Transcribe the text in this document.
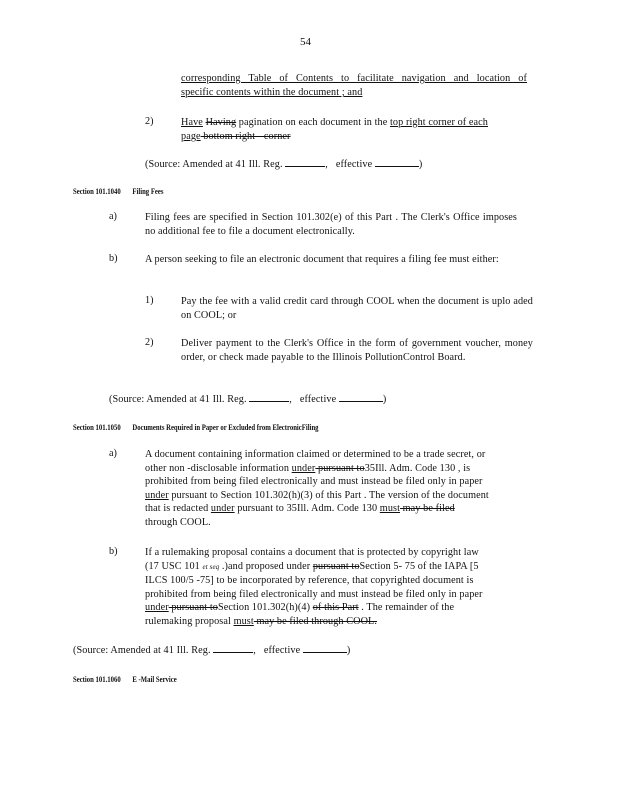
54
corresponding Table of Contents to facilitate navigation and location of
specific contents within the document ; and
2)	Have Having pagination on each document in the top right corner of each
page bottom right - corner
(Source: Amended at 41 Ill. Reg.	,   effective	)
Section 101.1040 Filing Fees
a)	Filing fees are specified in Section 101.302(e) of this Part . The Clerk's Office imposes no additional fee to file a document electronically.
b)	A person seeking to file an electronic document that requires a filing fee must either:
1)	Pay the fee with a valid credit card through COOL when the document is uplo aded on COOL; or
2)	Deliver payment to the Clerk's Office in the form of government voucher, money order, or check made payable to the Illinois PollutionControl Board.
(Source: Amended at 41 Ill. Reg.	,   effective	)
Section 101.1050 Documents Required in Paper or Excluded from ElectronicFiling
a)	A document containing information claimed or determined to be a trade secret, or
other non -disclosable information under pursuant to35Ill. Adm. Code 130 , is
prohibited from being filed electronically and must instead be filed only in paper
under pursuant to Section 101.302(h)(3) of this Part . The version of the document
that is redacted under pursuant to 35Ill. Adm. Code 130 must may be filed
through COOL.
b)	If a rulemaking proposal contains a document that is protected by copyright law
(17 USC 101 et seq .)and proposed under pursuant toSection 5- 75 of the IAPA [5
ILCS 100/5 -75] to be incorporated by reference, that copyrighted document is
prohibited from being filed electronically and must instead be filed only in paper
under pursuant toSection 101.302(h)(4) of this Part . The remainder of the
rulemaking proposal must may be filed through COOL.
(Source: Amended at 41 Ill. Reg.	,   effective	)
Section 101.1060 E -Mail Service
